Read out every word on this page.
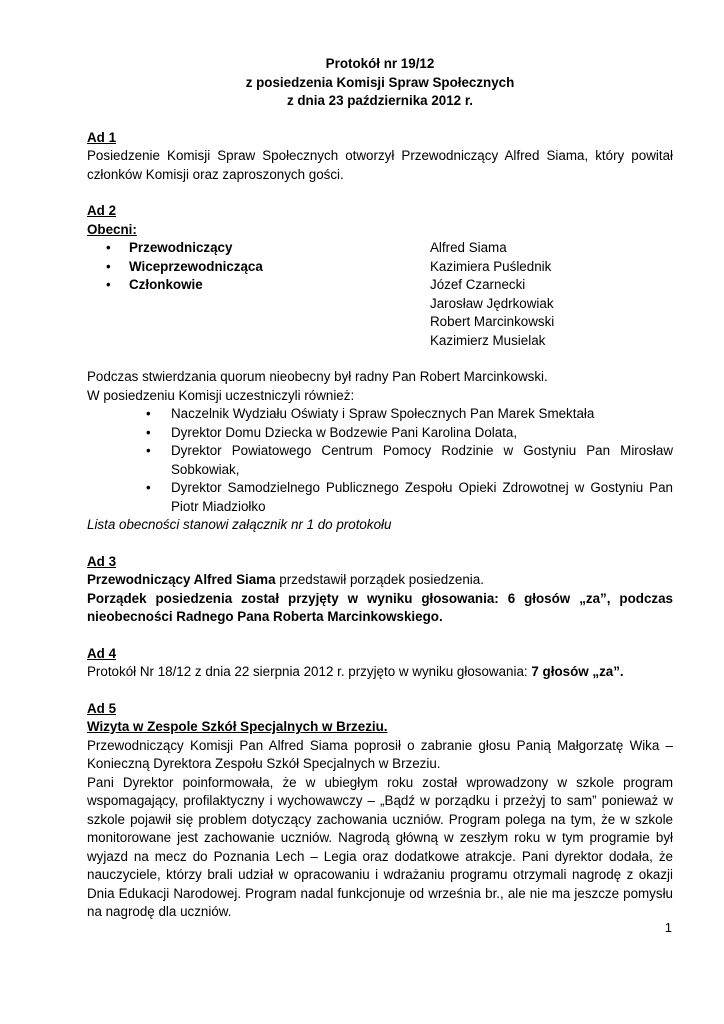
Protokół nr 19/12
z posiedzenia Komisji Spraw Społecznych
z dnia 23 października 2012 r.
Ad 1
Posiedzenie Komisji Spraw Społecznych otworzył Przewodniczący Alfred Siama, który powitał
członków Komisji oraz zaproszonych gości.
Ad 2
Obecni:
•	Przewodniczący	Alfred Siama
•	Wiceprzewodnicząca	Kazimiera Puślednik
•	Członkowie	Józef Czarnecki
Jarosław Jędrkowiak
Robert Marcinkowski
Kazimierz Musielak
Podczas stwierdzania quorum nieobecny był radny Pan Robert Marcinkowski.
W posiedzeniu Komisji uczestniczyli również:
•	Naczelnik Wydziału Oświaty i Spraw Społecznych Pan Marek Smektała
•	Dyrektor Domu Dziecka w Bodzewie Pani Karolina Dolata,
•	Dyrektor Powiatowego Centrum Pomocy Rodzinie w Gostyniu Pan Mirosław
Sobkowiak,
•	Dyrektor Samodzielnego Publicznego Zespołu Opieki Zdrowotnej w Gostyniu Pan
Piotr Miadziołko
Lista obecności stanowi załącznik nr 1 do protokołu
Ad 3
Przewodniczący Alfred Siama przedstawił porządek posiedzenia.
Porządek posiedzenia został przyjęty w wyniku głosowania: 6 głosów „za”, podczas
nieobecności Radnego Pana Roberta Marcinkowskiego.
Ad 4
Protokół Nr 18/12 z dnia 22 sierpnia 2012 r. przyjęto w wyniku głosowania: 7 głosów „za”.
Ad 5
Wizyta w Zespole Szkół Specjalnych w Brzeziu.
Przewodniczący Komisji Pan Alfred Siama poprosił o zabranie głosu Panią Małgorzatę Wika –
Konieczną Dyrektora Zespołu Szkół Specjalnych w Brzeziu.
Pani Dyrektor poinformowała, że w ubiegłym roku został wprowadzony w szkole program
wspomagający, profilaktyczny i wychowawczy – „Bądź w porządku i przeżyj to sam” ponieważ w
szkole pojawił się problem dotyczący zachowania uczniów. Program polega na tym, że w szkole
monitorowane jest zachowanie uczniów. Nagrodą główną w zeszłym roku w tym programie był
wyjazd na mecz do Poznania Lech – Legia oraz dodatkowe atrakcje. Pani dyrektor dodała, że
nauczyciele, którzy brali udział w opracowaniu i wdrażaniu programu otrzymali nagrodę z okazji
Dnia Edukacji Narodowej. Program nadal funkcjonuje od września br., ale nie ma jeszcze pomysłu
na nagrodę dla uczniów.
1
